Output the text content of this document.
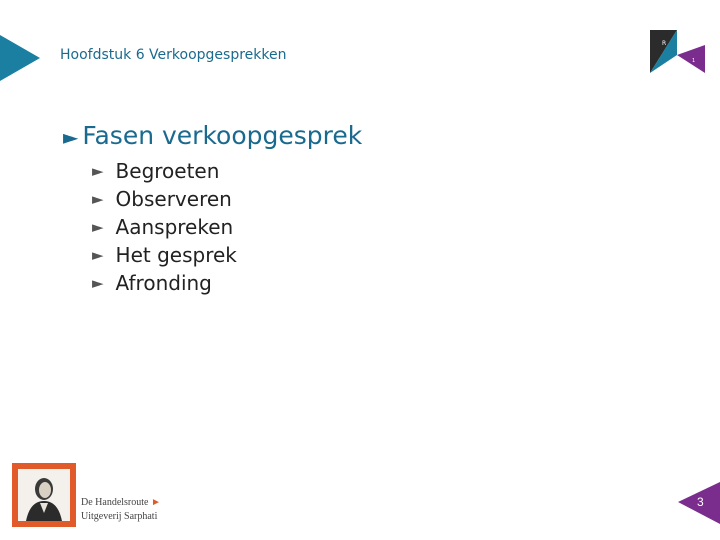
Hoofdstuk 6 Verkoopgesprekken
R
1
► Fasen verkoopgesprek
► Begroeten
► Observeren
► Aanspreken
► Het gesprek
► Afronding
De Handelsroute ►
Uitgeverij Sarphati
3
